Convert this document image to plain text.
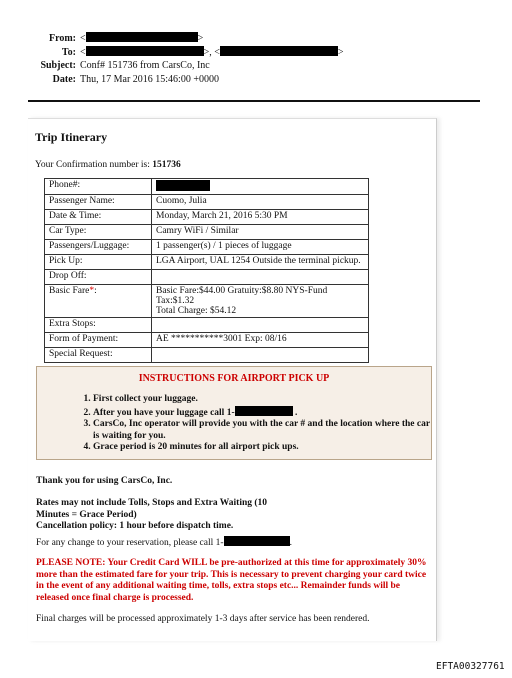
From: <	>
To: <	>, <	>
Subject: Conf# 151736 from CarsCo, Inc
Date: Thu, 17 Mar 2016 15:46:00 +0000
Trip Itinerary
Your Confirmation number is: 151736
Phone#:	
Passenger Name:	Cuomo, Julia
Date & Time:	Monday, March 21, 2016 5:30 PM
Car Type:	Camry WiFi / Similar
Passengers/Luggage:	1 passenger(s) / 1 pieces of luggage
Pick Up:	LGA Airport, UAL 1254 Outside the terminal pickup.
Drop Off:	
Basic Fare*:	Basic Fare:$44.00 Gratuity:$8.80 NYS-Fund Tax:$1.32
Total Charge: $54.12

Extra Stops:	
Form of Payment:	AE ***********3001 Exp: 08/16
Special Request:	
INSTRUCTIONS FOR AIRPORT PICK UP
1. First collect your luggage.
2. After you have your luggage call 1-	.
3. CarsCo, Inc operator will provide you with the car # and the location where the car is waiting for you.
4. Grace period is 20 minutes for all airport pick ups.
Thank you for using CarsCo, Inc.
Rates may not include Tolls, Stops and Extra Waiting (10 Minutes = Grace Period)
Cancellation policy: 1 hour before dispatch time.
For any change to your reservation, please call 1-	.
PLEASE NOTE: Your Credit Card WILL be pre-authorized at this time for approximately 30% more than the estimated fare for your trip. This is necessary to prevent charging your card twice in the event of any additional waiting time, tolls, extra stops etc... Remainder funds will be released once final charge is processed.
Final charges will be processed approximately 1-3 days after service has been rendered.
EFTA00327761
